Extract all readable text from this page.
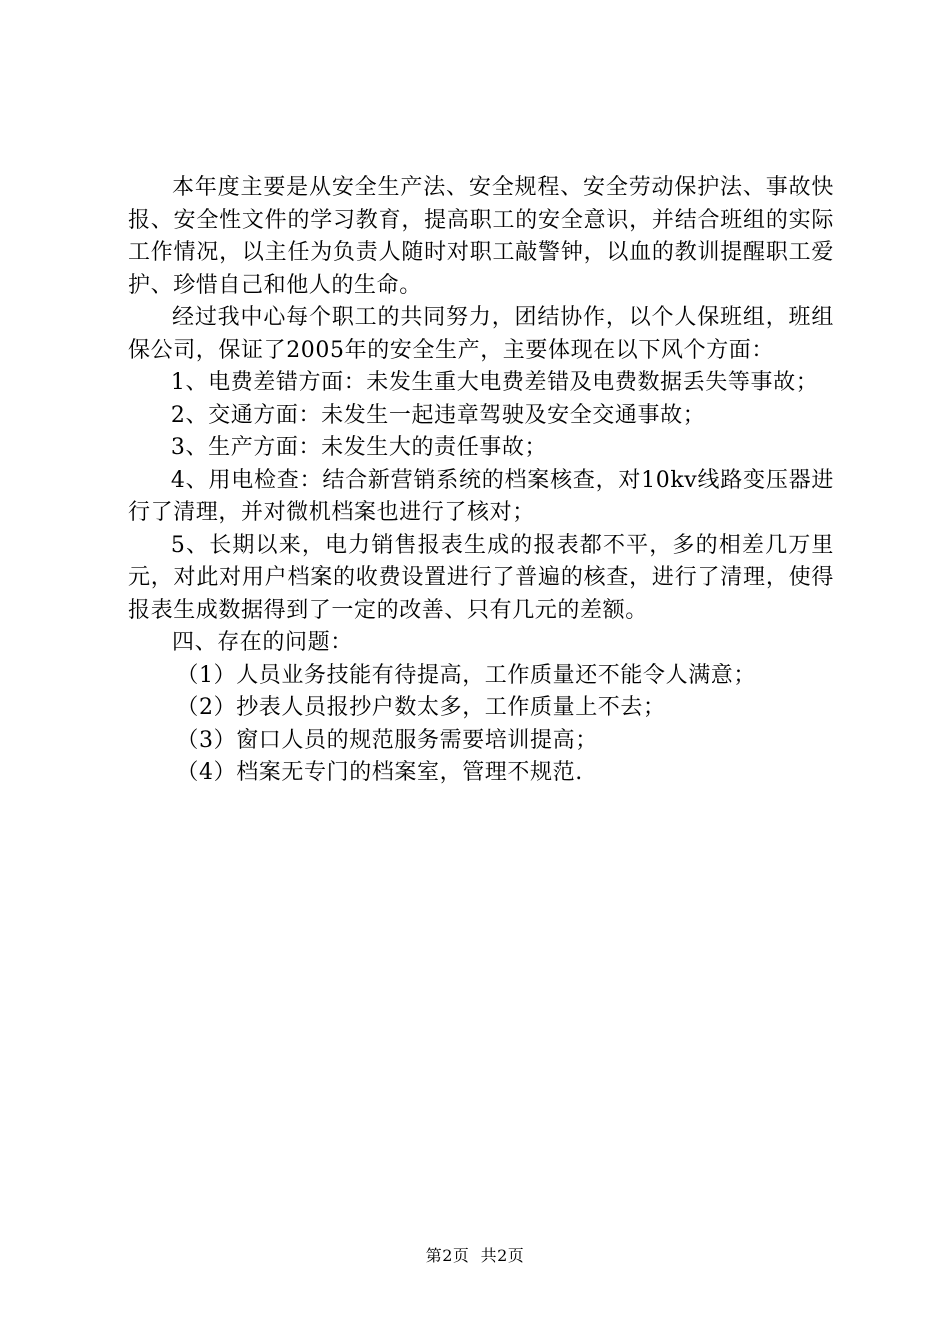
本年度主要是从安全生产法、安全规程、安全劳动保护法、事故快报、安全性文件的学习教育，提高职工的安全意识，并结合班组的实际工作情况，以主任为负责人随时对职工敲警钟，以血的教训提醒职工爱护、珍惜自己和他人的生命。

经过我中心每个职工的共同努力，团结协作，以个人保班组，班组保公司，保证了2005年的安全生产，主要体现在以下风个方面：

1、电费差错方面：未发生重大电费差错及电费数据丢失等事故；

2、交通方面：未发生一起违章驾驶及安全交通事故；

3、生产方面：未发生大的责任事故；

4、用电检查：结合新营销系统的档案核查，对10kv线路变压器进行了清理，并对微机档案也进行了核对；

5、长期以来，电力销售报表生成的报表都不平，多的相差几万里元，对此对用户档案的收费设置进行了普遍的核查，进行了清理，使得报表生成数据得到了一定的改善、只有几元的差额。

四、存在的问题：

（1）人员业务技能有待提高，工作质量还不能令人满意；

（2）抄表人员报抄户数太多，工作质量上不去；

（3）窗口人员的规范服务需要培训提高；

（4）档案无专门的档案室，管理不规范.

第2页  共2页
